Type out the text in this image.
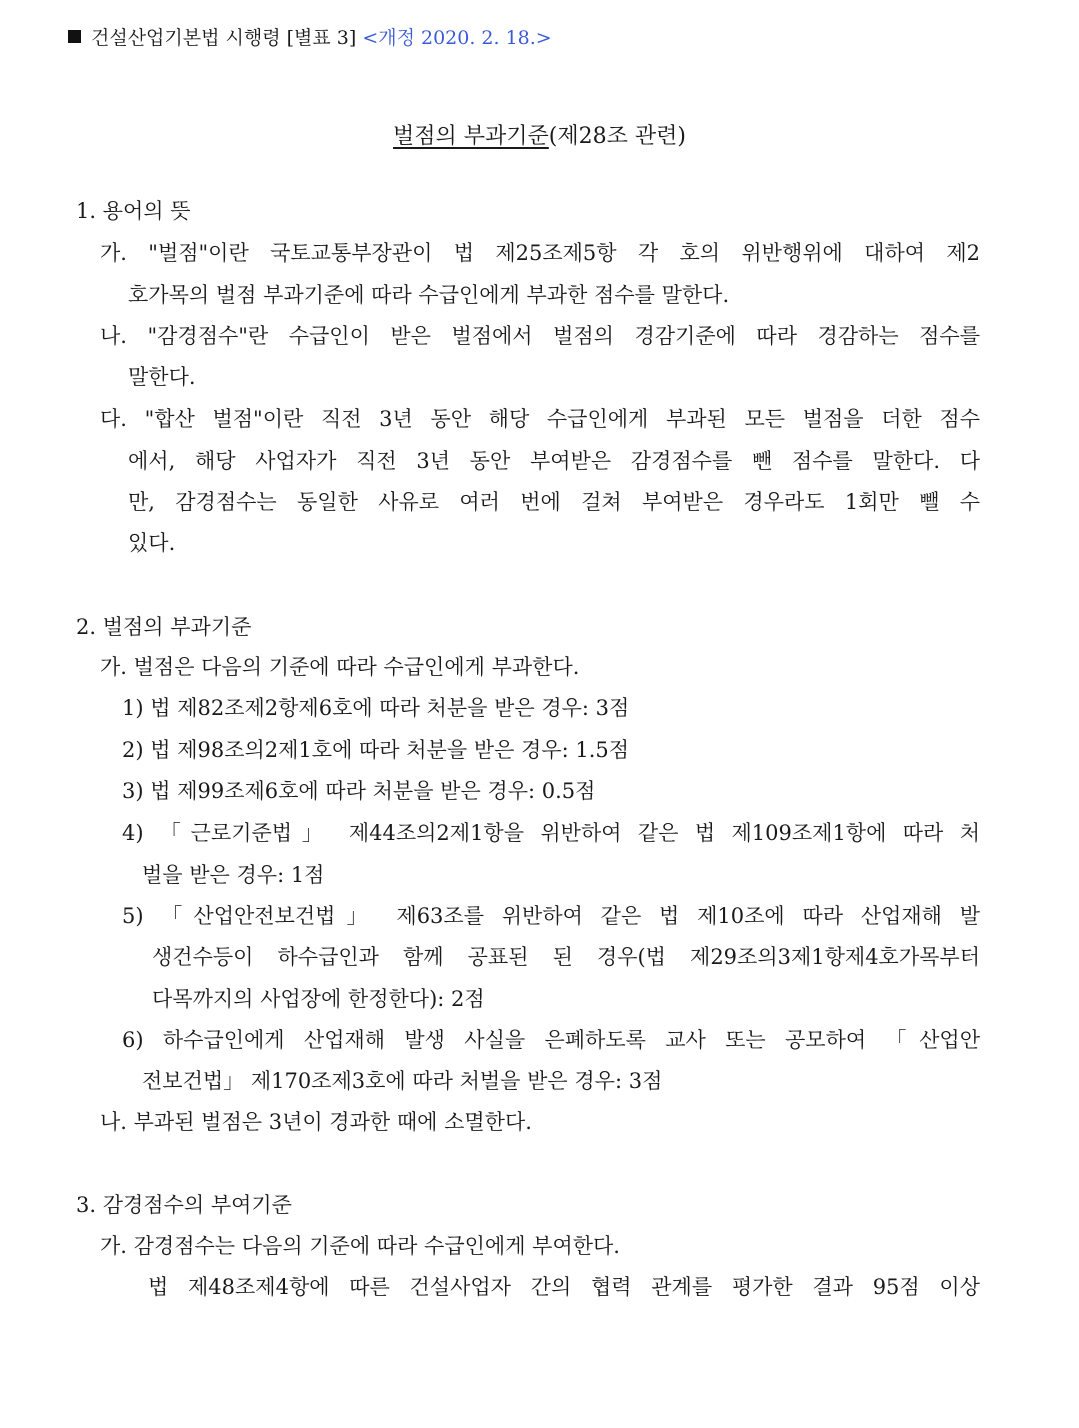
건설산업기본법 시행령 [별표 3] <개정 2020. 2. 18.>
벌점의 부과기준(제28조 관련)
1. 용어의 뜻
가. "벌점"이란 국토교통부장관이 법 제25조제5항 각 호의 위반행위에 대하여 제2
호가목의 벌점 부과기준에 따라 수급인에게 부과한 점수를 말한다.
나. "감경점수"란 수급인이 받은 벌점에서 벌점의 경감기준에 따라 경감하는 점수를
말한다.
다. "합산 벌점"이란 직전 3년 동안 해당 수급인에게 부과된 모든 벌점을 더한 점수
에서, 해당 사업자가 직전 3년 동안 부여받은 감경점수를 뺀 점수를 말한다. 다
만, 감경점수는 동일한 사유로 여러 번에 걸쳐 부여받은 경우라도 1회만 뺄 수
있다.
2. 벌점의 부과기준
가. 벌점은 다음의 기준에 따라 수급인에게 부과한다.
1) 법 제82조제2항제6호에 따라 처분을 받은 경우: 3점
2) 법 제98조의2제1호에 따라 처분을 받은 경우: 1.5점
3) 법 제99조제6호에 따라 처분을 받은 경우: 0.5점
4) 「근로기준법」 제44조의2제1항을 위반하여 같은 법 제109조제1항에 따라 처
벌을 받은 경우: 1점
5) 「산업안전보건법」 제63조를 위반하여 같은 법 제10조에 따라 산업재해 발
생건수등이 하수급인과 함께 공표된 된 경우(법 제29조의3제1항제4호가목부터
다목까지의 사업장에 한정한다): 2점
6) 하수급인에게 산업재해 발생 사실을 은폐하도록 교사 또는 공모하여 「산업안
전보건법」 제170조제3호에 따라 처벌을 받은 경우: 3점
나. 부과된 벌점은 3년이 경과한 때에 소멸한다.
3. 감경점수의 부여기준
가. 감경점수는 다음의 기준에 따라 수급인에게 부여한다.
법 제48조제4항에 따른 건설사업자 간의 협력 관계를 평가한 결과 95점 이상
